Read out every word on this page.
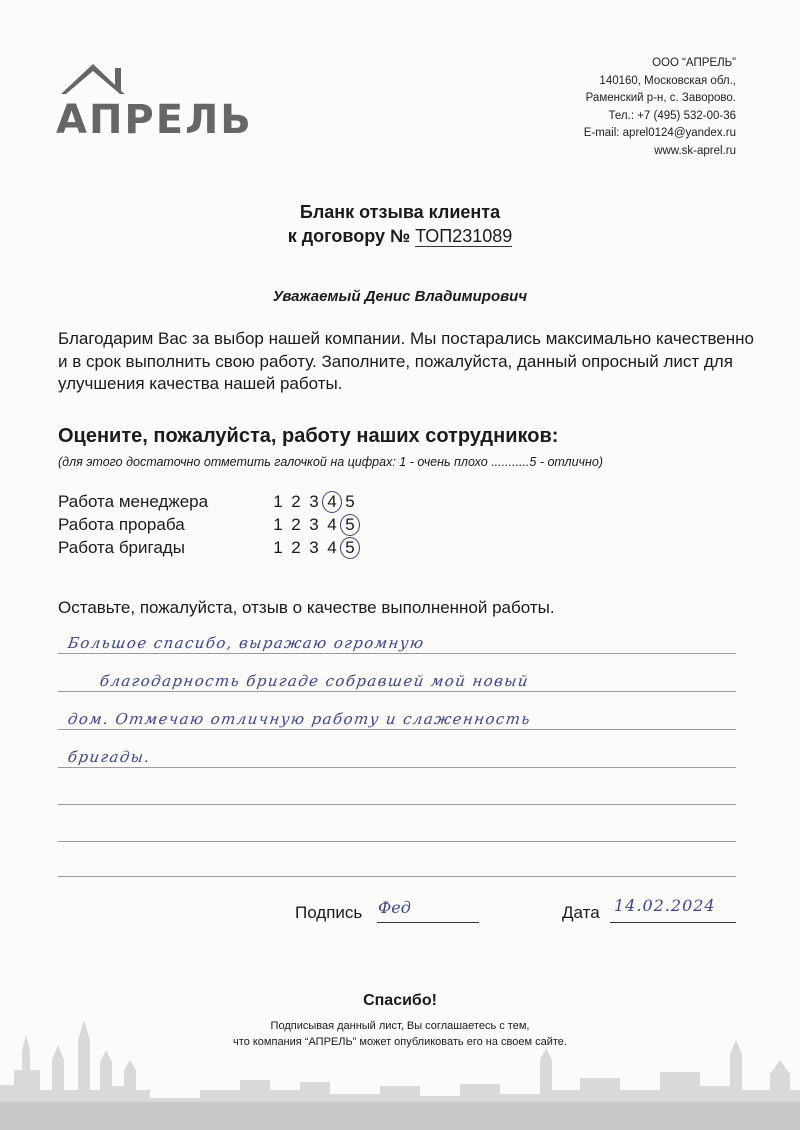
АПРЕЛЬ
ООО “АПРЕЛЬ”
140160, Московская обл.,
Раменский р-н, с. Заворово.
Тел.: +7 (495) 532-00-36
E-mail: aprel0124@yandex.ru
www.sk-aprel.ru
Бланк отзыва клиента
к договору № ТОП231089
Уважаемый Денис Владимирович
Благодарим Вас за выбор нашей компании. Мы постарались максимально качественно и в срок выполнить свою работу. Заполните, пожалуйста, данный опросный лист для улучшения качества нашей работы.
Оцените, пожалуйста, работу наших сотрудников:
(для этого достаточно отметить галочкой на цифрах: 1 - очень плохо ...........5 - отлично)
Работа менеджера	1 2 3 4 5
Работа прораба	1 2 3 4 5
Работа бригады	1 2 3 4 5
Оставьте, пожалуйста, отзыв о качестве выполненной работы.
Большое спасибо, выражаю огромную
благодарность бригаде собравшей мой новый
дом. Отмечаю отличную работу и слаженность
бригады.
Подпись Фед	Дата 14.02.2024
Спасибо!
Подписывая данный лист, Вы соглашаетесь с тем,
что компания “АПРЕЛЬ” может опубликовать его на своем сайте.
